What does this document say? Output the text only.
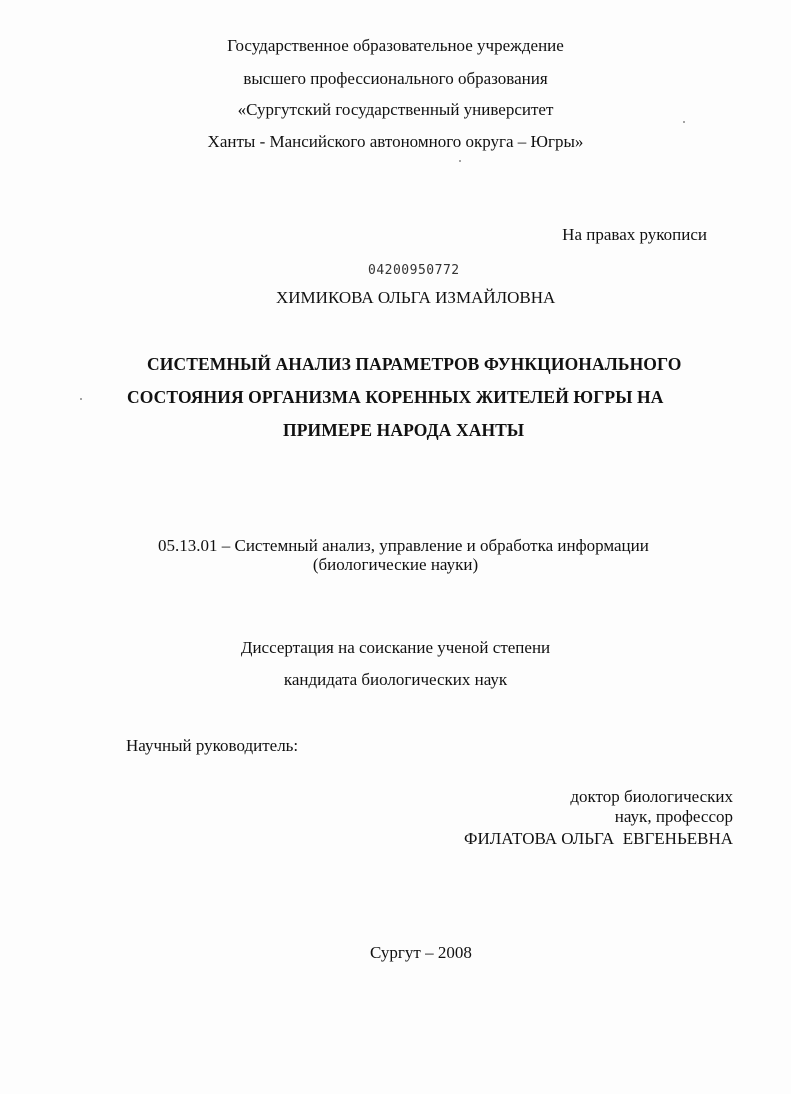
Государственное образовательное учреждение
высшего профессионального образования
«Сургутский государственный университет
Ханты - Мансийского автономного округа – Югры»
На правах рукописи
04200950772
ХИМИКОВА ОЛЬГА ИЗМАЙЛОВНА
СИСТЕМНЫЙ АНАЛИЗ ПАРАМЕТРОВ ФУНКЦИОНАЛЬНОГО
СОСТОЯНИЯ ОРГАНИЗМА КОРЕННЫХ ЖИТЕЛЕЙ ЮГРЫ НА
ПРИМЕРЕ НАРОДА ХАНТЫ
05.13.01 – Системный анализ, управление и обработка информации
(биологические науки)
Диссертация на соискание ученой степени
кандидата биологических наук
Научный руководитель:
доктор биологических
наук, профессор
ФИЛАТОВА ОЛЬГА  ЕВГЕНЬЕВНА
Сургут – 2008
